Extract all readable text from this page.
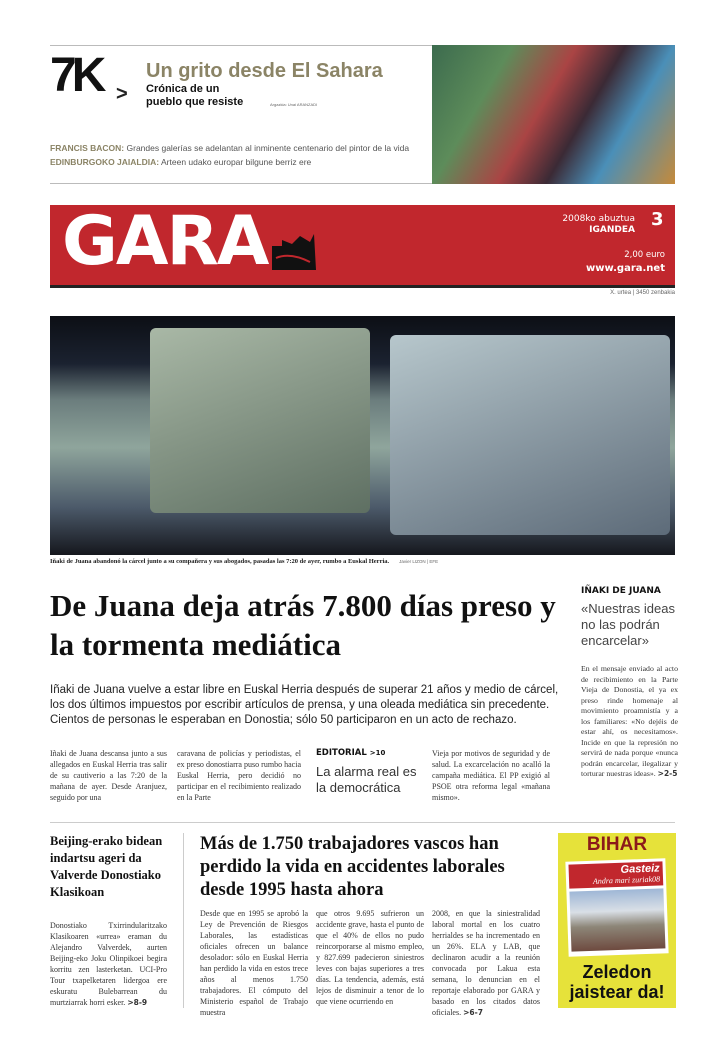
7K >
Un grito desde El Sahara
Crónica de un
pueblo que resiste	Argazkia: Unai ARANZADI
FRANCIS BACON: Grandes galerías se adelantan al inminente centenario del pintor de la vida EDINBURGOKO JAIALDIA: Arteen udako europar bilgune berriz ere
GARA	2008ko abuztua
IGANDEA 3
2,00 euro
www.gara.net
X. urtea | 3450 zenbakia
Iñaki de Juana abandonó la cárcel junto a su compañera y sus abogados, pasadas las 7:20 de ayer, rumbo a Euskal Herria. Javier LIZON | EFE
De Juana deja atrás 7.800 días preso y la tormenta mediática
Iñaki de Juana vuelve a estar libre en Euskal Herria después de superar 21 años y medio de cárcel, los dos últimos impuestos por escribir artículos de prensa, y una oleada mediática sin precedente. Cientos de personas le esperaban en Donostia; sólo 50 participaron en un acto de rechazo.
Iñaki de Juana descansa junto a sus allegados en Euskal Herria tras salir de su cautiverio a las 7:20 de la mañana de ayer. Desde Aranjuez, seguido por una
caravana de policías y periodistas, el ex preso donostiarra puso rumbo hacia Euskal Herria, pero decidió no participar en el recibimiento realizado en la Parte
EDITORIAL >10
La alarma real es la democrática
Vieja por motivos de seguridad y de salud. La excarcelación no acalló la campaña mediática. El PP exigió al PSOE otra reforma legal «mañana mismo».
IÑAKI DE JUANA
«Nuestras ideas no las podrán encarcelar»
En el mensaje enviado al acto de recibimiento en la Parte Vieja de Donostia, el ya ex preso rinde homenaje al movimiento proamnistía y a los familiares: «No dejéis de estar ahí, os necesitamos». Incide en que la represión no servirá de nada porque «nunca podrán encarcelar, ilegalizar y torturar nuestras ideas». >2-5
Beijing-erako bidean indartsu ageri da Valverde Donostiako Klasikoan
Donostiako Txirrindularitzako Klasikoaren «urrea» eraman du Alejandro Valverdek, aurten Beijing-eko Joku Olinpikoei begira korritu zen lasterketan. UCI-Pro Tour txapelketaren lidergoa ere eskuratu Bulebarrean du murtziarrak horri esker. >8-9
Más de 1.750 trabajadores vascos han perdido la vida en accidentes laborales desde 1995 hasta ahora
Desde que en 1995 se aprobó la Ley de Prevención de Riesgos Laborales, las estadísticas oficiales ofrecen un balance desolador: sólo en Euskal Herria han perdido la vida en estos trece años al menos 1.750 trabajadores. El cómputo del Ministerio español de Trabajo muestra
que otros 9.695 sufrieron un accidente grave, hasta el punto de que el 40% de ellos no pudo reincorporarse al mismo empleo, y 827.699 padecieron siniestros leves con bajas superiores a tres días. La tendencia, además, está lejos de disminuir a tenor de lo que viene ocurriendo en
2008, en que la siniestralidad laboral mortal en los cuatro herrialdes se ha incrementado en un 26%. ELA y LAB, que declinaron acudir a la reunión convocada por Lakua esta semana, lo denuncian en el reportaje elaborado por GARA y basado en los citados datos oficiales. >6-7
BIHAR
Gasteiz
Andra mari zuriak08
Zeledon jaistear da!
